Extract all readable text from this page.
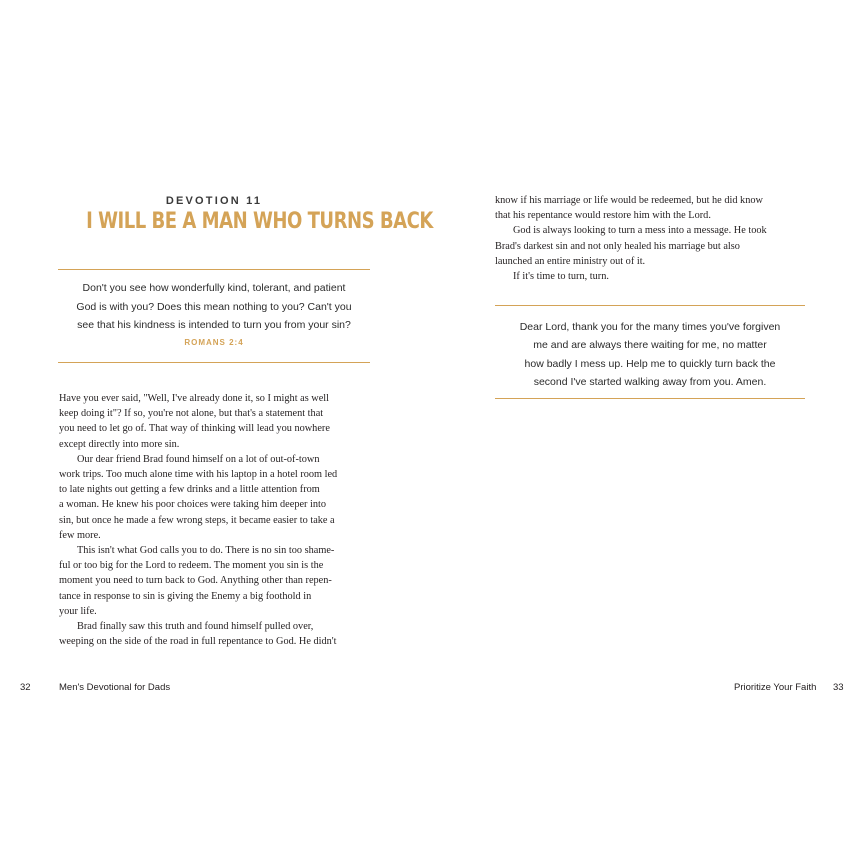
DEVOTION 11
I WILL BE A MAN WHO TURNS BACK
Don't you see how wonderfully kind, tolerant, and patient
God is with you? Does this mean nothing to you? Can't you
see that his kindness is intended to turn you from your sin?
ROMANS 2:4
Have you ever said, "Well, I've already done it, so I might as well
keep doing it"? If so, you're not alone, but that's a statement that
you need to let go of. That way of thinking will lead you nowhere
except directly into more sin.
Our dear friend Brad found himself on a lot of out-of-town
work trips. Too much alone time with his laptop in a hotel room led
to late nights out getting a few drinks and a little attention from
a woman. He knew his poor choices were taking him deeper into
sin, but once he made a few wrong steps, it became easier to take a
few more.
This isn't what God calls you to do. There is no sin too shame-
ful or too big for the Lord to redeem. The moment you sin is the
moment you need to turn back to God. Anything other than repen-
tance in response to sin is giving the Enemy a big foothold in
your life.
Brad finally saw this truth and found himself pulled over,
weeping on the side of the road in full repentance to God. He didn't
32	Men's Devotional for Dads
know if his marriage or life would be redeemed, but he did know
that his repentance would restore him with the Lord.
God is always looking to turn a mess into a message. He took
Brad's darkest sin and not only healed his marriage but also
launched an entire ministry out of it.
If it's time to turn, turn.
Dear Lord, thank you for the many times you've forgiven
me and are always there waiting for me, no matter
how badly I mess up. Help me to quickly turn back the
second I've started walking away from you. Amen.
Prioritize Your Faith 33
